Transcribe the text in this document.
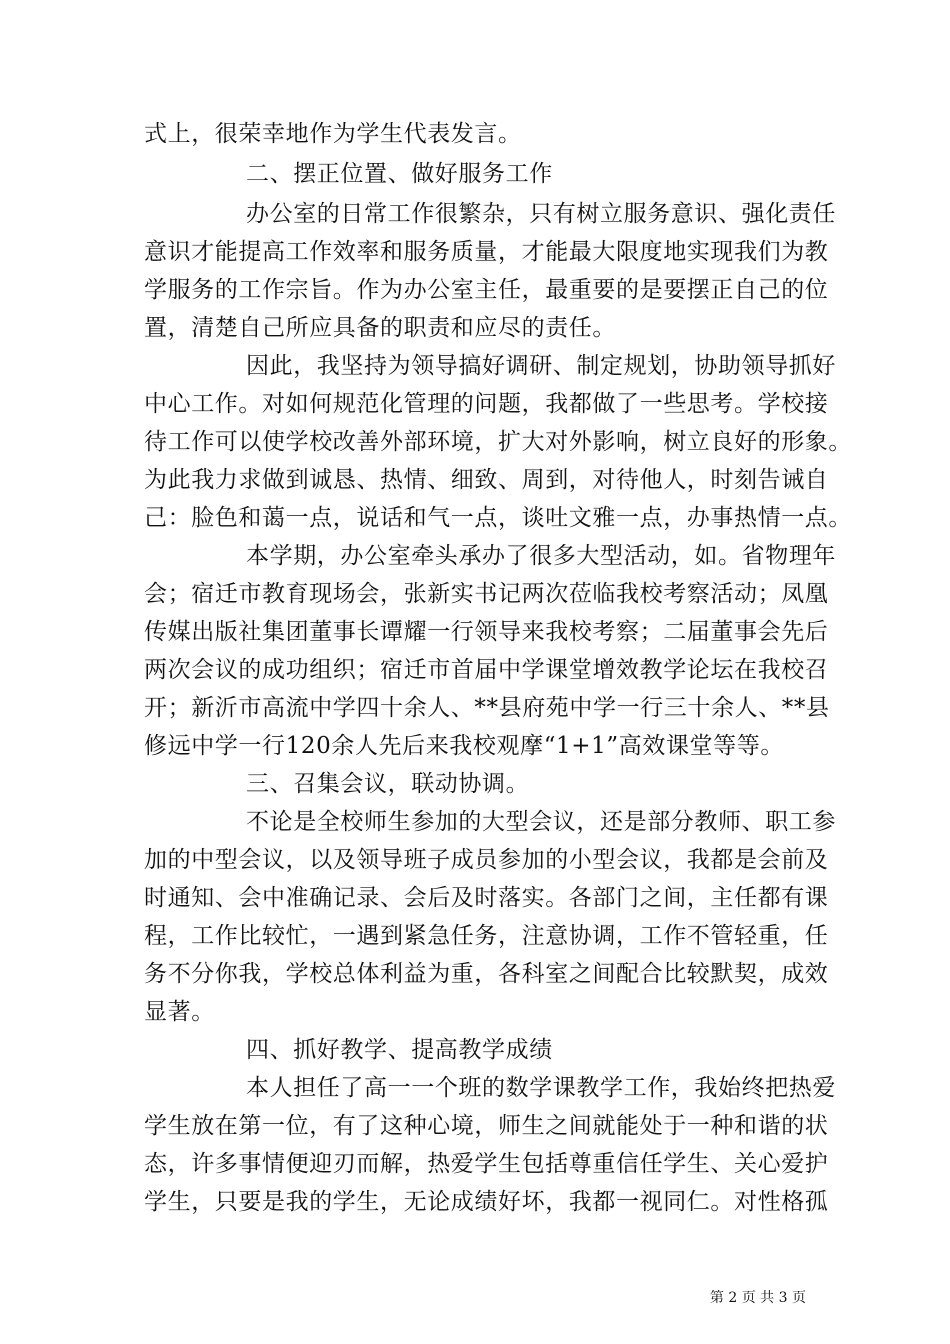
式上，很荣幸地作为学生代表发言。
二、摆正位置、做好服务工作
办公室的日常工作很繁杂，只有树立服务意识、强化责任
意识才能提高工作效率和服务质量，才能最大限度地实现我们为教
学服务的工作宗旨。作为办公室主任，最重要的是要摆正自己的位
置，清楚自己所应具备的职责和应尽的责任。
因此，我坚持为领导搞好调研、制定规划，协助领导抓好
中心工作。对如何规范化管理的问题，我都做了一些思考。学校接
待工作可以使学校改善外部环境，扩大对外影响，树立良好的形象。
为此我力求做到诚恳、热情、细致、周到，对待他人，时刻告诫自
己：脸色和蔼一点，说话和气一点，谈吐文雅一点，办事热情一点。
本学期，办公室牵头承办了很多大型活动，如。省物理年
会；宿迁市教育现场会，张新实书记两次莅临我校考察活动；凤凰
传媒出版社集团董事长谭耀一行领导来我校考察；二届董事会先后
两次会议的成功组织；宿迁市首届中学课堂增效教学论坛在我校召
开；新沂市高流中学四十余人、**县府苑中学一行三十余人、**县
修远中学一行120余人先后来我校观摩“1+1”高效课堂等等。
三、召集会议，联动协调。
不论是全校师生参加的大型会议，还是部分教师、职工参
加的中型会议，以及领导班子成员参加的小型会议，我都是会前及
时通知、会中准确记录、会后及时落实。各部门之间，主任都有课
程，工作比较忙，一遇到紧急任务，注意协调，工作不管轻重，任
务不分你我，学校总体利益为重，各科室之间配合比较默契，成效
显著。
四、抓好教学、提高教学成绩
本人担任了高一一个班的数学课教学工作，我始终把热爱
学生放在第一位，有了这种心境，师生之间就能处于一种和谐的状
态，许多事情便迎刃而解，热爱学生包括尊重信任学生、关心爱护
学生，只要是我的学生，无论成绩好坏，我都一视同仁。对性格孤
第 2 页 共 3 页
